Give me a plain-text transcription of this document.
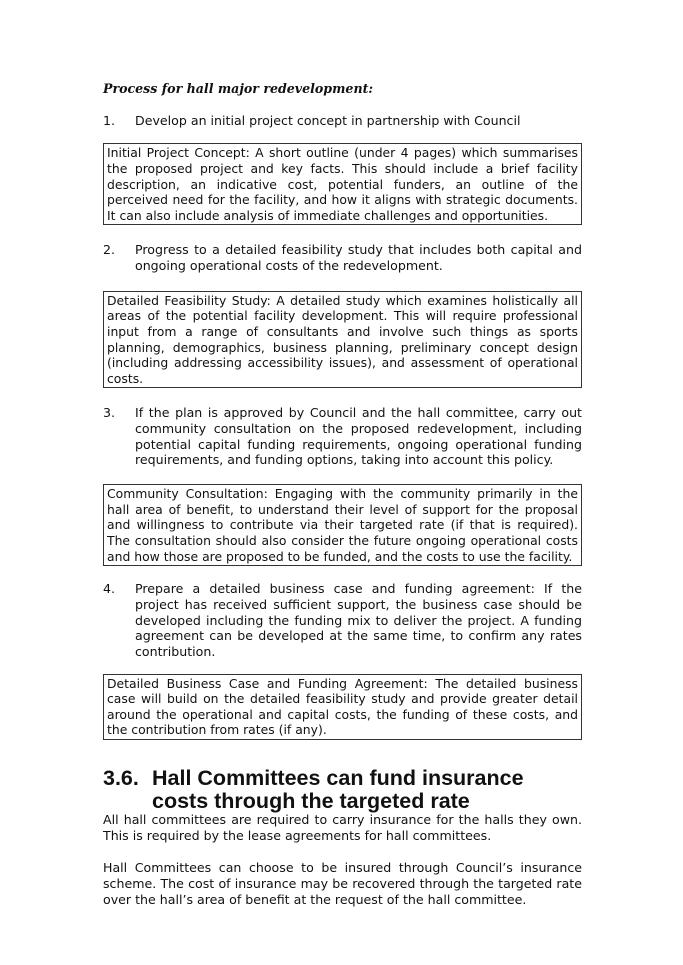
Process for hall major redevelopment:

1.	Develop an initial project concept in partnership with Council
Initial Project Concept: A short outline (under 4 pages) which summarises the proposed project and key facts. This should include a brief facility description, an indicative cost, potential funders, an outline of the perceived need for the facility, and how it aligns with strategic documents. It can also include analysis of immediate challenges and opportunities.
2.	Progress to a detailed feasibility study that includes both capital and ongoing operational costs of the redevelopment.
Detailed Feasibility Study: A detailed study which examines holistically all areas of the potential facility development. This will require professional input from a range of consultants and involve such things as sports planning, demographics, business planning, preliminary concept design (including addressing accessibility issues), and assessment of operational costs.
3.	If the plan is approved by Council and the hall committee, carry out community consultation on the proposed redevelopment, including potential capital funding requirements, ongoing operational funding requirements, and funding options, taking into account this policy.
Community Consultation: Engaging with the community primarily in the hall area of benefit, to understand their level of support for the proposal and willingness to contribute via their targeted rate (if that is required). The consultation should also consider the future ongoing operational costs and how those are proposed to be funded, and the costs to use the facility.
4.	Prepare a detailed business case and funding agreement: If the project has received sufficient support, the business case should be developed including the funding mix to deliver the project. A funding agreement can be developed at the same time, to confirm any rates contribution.
Detailed Business Case and Funding Agreement: The detailed business case will build on the detailed feasibility study and provide greater detail around the operational and capital costs, the funding of these costs, and the contribution from rates (if any).
3.6. Hall Committees can fund insurance costs through the targeted rate

All hall committees are required to carry insurance for the halls they own. This is required by the lease agreements for hall committees.

Hall Committees can choose to be insured through Council’s insurance scheme. The cost of insurance may be recovered through the targeted rate over the hall’s area of benefit at the request of the hall committee.
